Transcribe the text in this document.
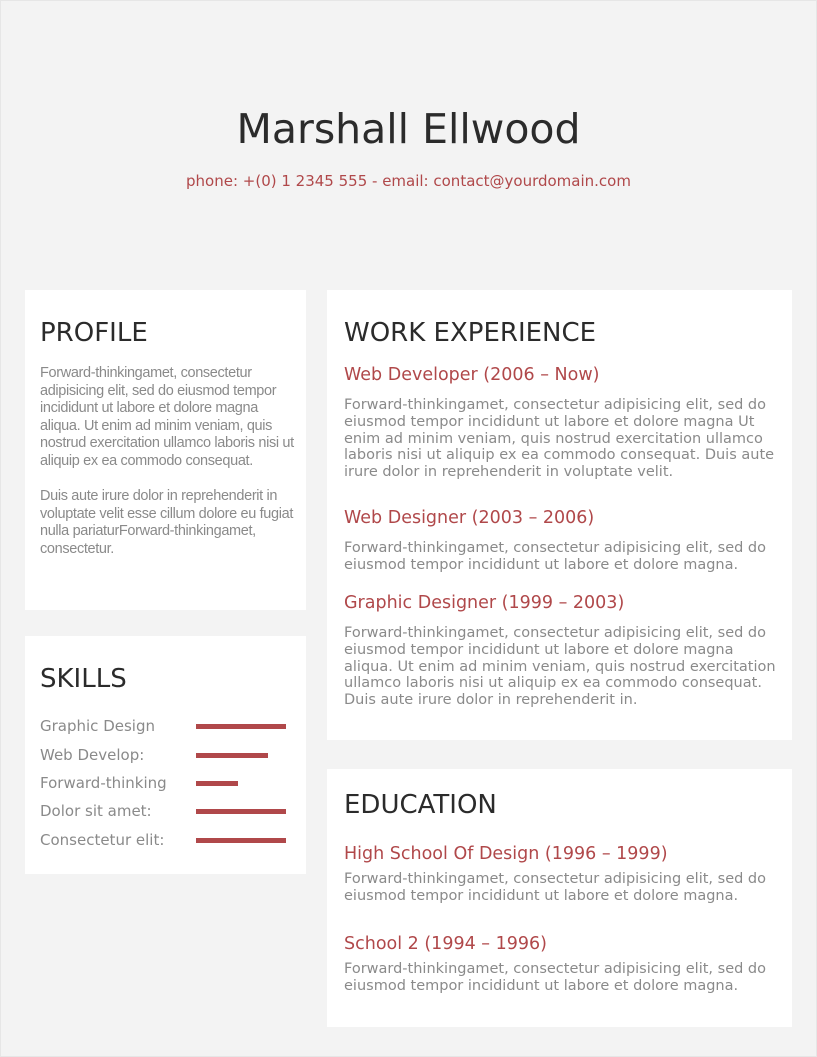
Marshall Ellwood
phone: +(0) 1 2345 555 - email: contact@yourdomain.com
PROFILE

Forward-thinkingamet, consectetur adipisicing elit, sed do eiusmod tempor incididunt ut labore et dolore magna aliqua. Ut enim ad minim veniam, quis nostrud exercitation ullamco laboris nisi ut aliquip ex ea commodo consequat.

Duis aute irure dolor in reprehenderit in voluptate velit esse cillum dolore eu fugiat nulla pariaturForward-thinkingamet, consectetur.

SKILLS
Graphic Design
Web Develop:
Forward-thinking
Dolor sit amet:
Consectetur elit:
WORK EXPERIENCE
Web Developer (2006 – Now)
Forward-thinkingamet, consectetur adipisicing elit, sed do eiusmod tempor incididunt ut labore et dolore magna Ut enim ad minim veniam, quis nostrud exercitation ullamco laboris nisi ut aliquip ex ea commodo consequat. Duis aute irure dolor in reprehenderit in voluptate velit.
Web Designer (2003 – 2006)
Forward-thinkingamet, consectetur adipisicing elit, sed do eiusmod tempor incididunt ut labore et dolore magna.
Graphic Designer (1999 – 2003)
Forward-thinkingamet, consectetur adipisicing elit, sed do eiusmod tempor incididunt ut labore et dolore magna aliqua. Ut enim ad minim veniam, quis nostrud exercitation ullamco laboris nisi ut aliquip ex ea commodo consequat. Duis aute irure dolor in reprehenderit in.
EDUCATION
High School Of Design (1996 – 1999)
Forward-thinkingamet, consectetur adipisicing elit, sed do eiusmod tempor incididunt ut labore et dolore magna.
School 2 (1994 – 1996)
Forward-thinkingamet, consectetur adipisicing elit, sed do eiusmod tempor incididunt ut labore et dolore magna.
